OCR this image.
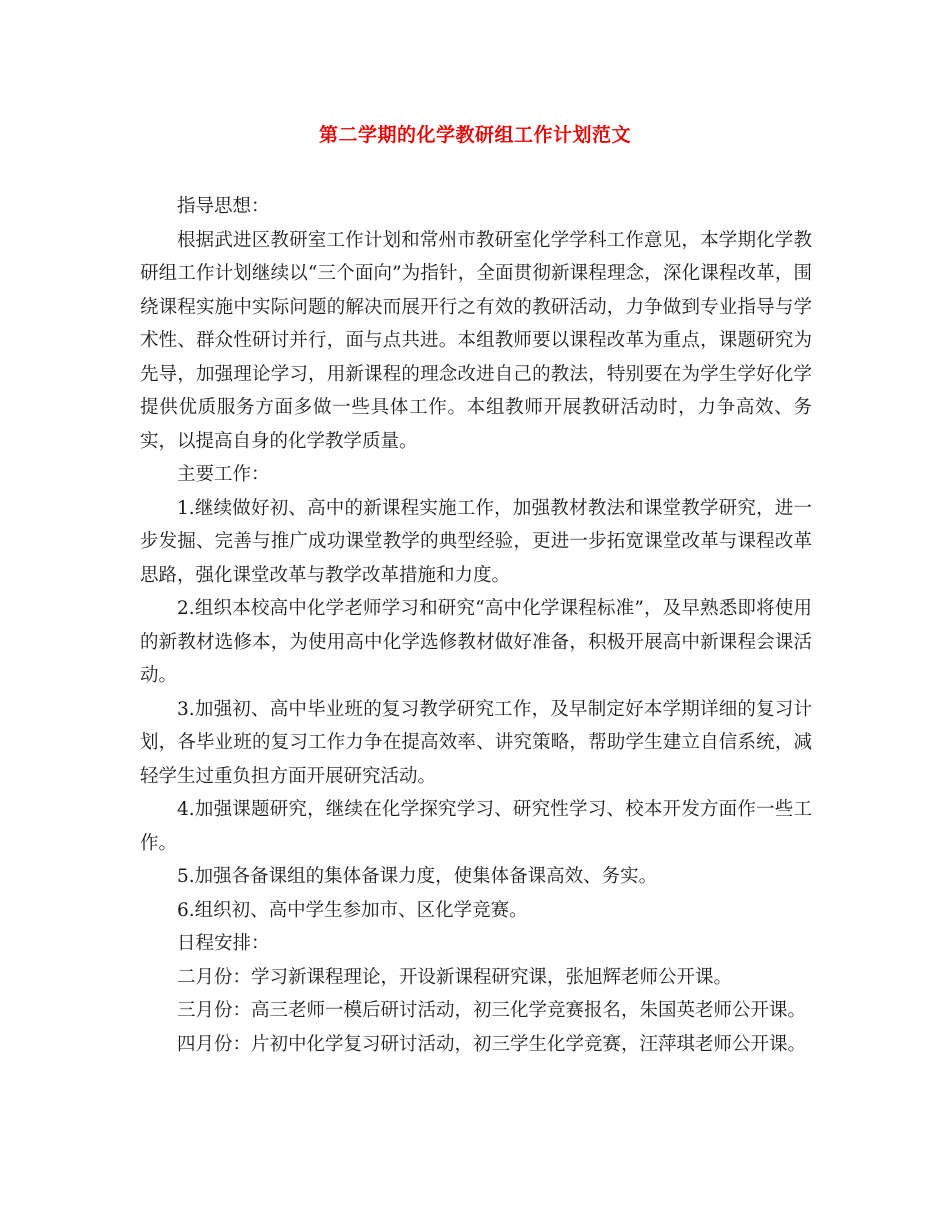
第二学期的化学教研组工作计划范文

指导思想：

根据武进区教研室工作计划和常州市教研室化学学科工作意见，本学期化学教研组工作计划继续以“三个面向”为指针，全面贯彻新课程理念，深化课程改革，围绕课程实施中实际问题的解决而展开行之有效的教研活动，力争做到专业指导与学术性、群众性研讨并行，面与点共进。本组教师要以课程改革为重点，课题研究为先导，加强理论学习，用新课程的理念改进自己的教法，特别要在为学生学好化学提供优质服务方面多做一些具体工作。本组教师开展教研活动时，力争高效、务实，以提高自身的化学教学质量。

主要工作：

1.继续做好初、高中的新课程实施工作，加强教材教法和课堂教学研究，进一步发掘、完善与推广成功课堂教学的典型经验，更进一步拓宽课堂改革与课程改革思路，强化课堂改革与教学改革措施和力度。

2.组织本校高中化学老师学习和研究“高中化学课程标准”，及早熟悉即将使用的新教材选修本，为使用高中化学选修教材做好准备，积极开展高中新课程会课活动。

3.加强初、高中毕业班的复习教学研究工作，及早制定好本学期详细的复习计划，各毕业班的复习工作力争在提高效率、讲究策略，帮助学生建立自信系统，减轻学生过重负担方面开展研究活动。

4.加强课题研究，继续在化学探究学习、研究性学习、校本开发方面作一些工作。

5.加强各备课组的集体备课力度，使集体备课高效、务实。

6.组织初、高中学生参加市、区化学竞赛。

日程安排：

二月份：学习新课程理论，开设新课程研究课，张旭辉老师公开课。

三月份：高三老师一模后研讨活动，初三化学竞赛报名，朱国英老师公开课。

四月份：片初中化学复习研讨活动，初三学生化学竞赛，汪萍琪老师公开课。
